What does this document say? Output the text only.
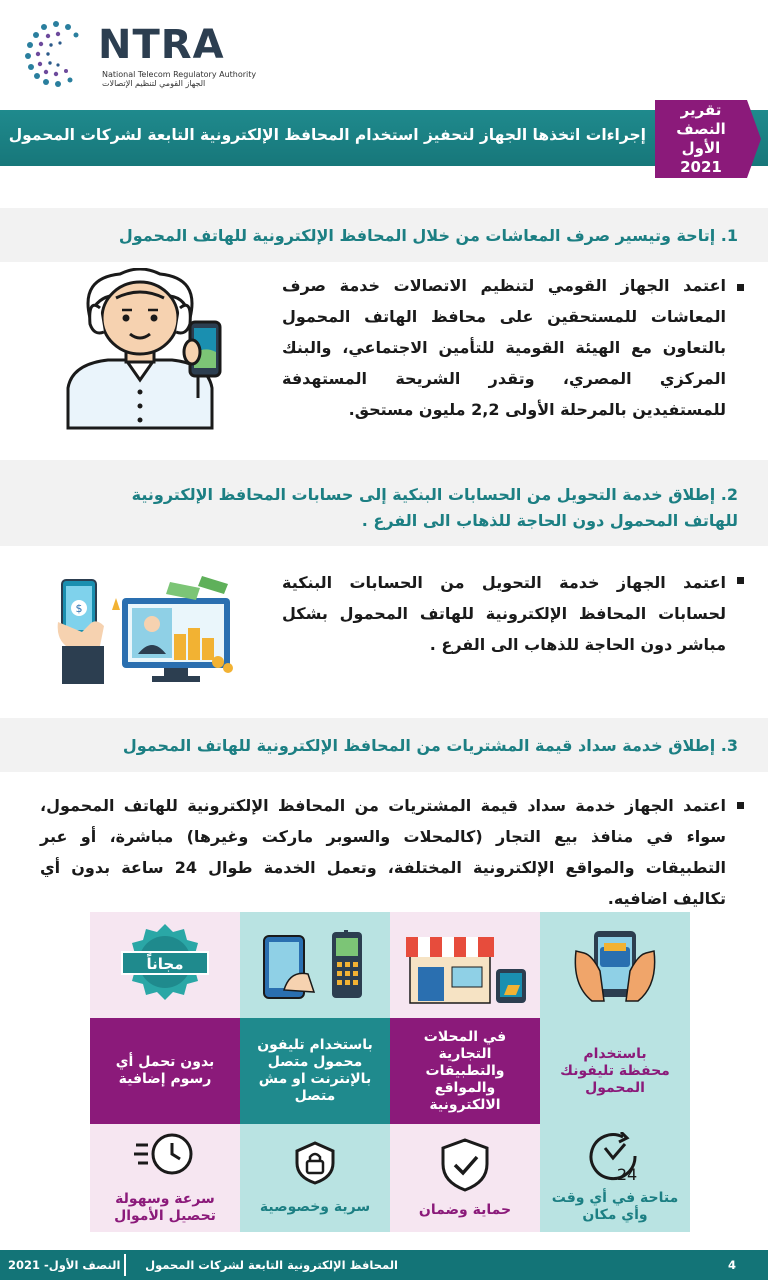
NTRA
National Telecom Regulatory Authority
الجهاز القومي لتنظيم الإتصالات
إجراءات اتخذها الجهاز لتحفيز استخدام المحافظ الإلكترونية التابعة لشركات المحمول
تقرير
النصف الأول
2021
1. إتاحة وتيسير صرف المعاشات من خلال المحافظ الإلكترونية للهاتف المحمول
اعتمد الجهاز القومي لتنظيم الاتصالات خدمة صرف المعاشات للمستحقين على محافظ الهاتف المحمول بالتعاون مع الهيئة القومية للتأمين الاجتماعي، والبنك المركزي المصري، وتقدر الشريحة المستهدفة للمستفيدين بالمرحلة الأولى 2,2 مليون مستحق.
2. إطلاق خدمة التحويل من الحسابات البنكية إلى حسابات المحافظ الإلكترونية
للهاتف المحمول دون الحاجة للذهاب الى الفرع .
اعتمد الجهاز خدمة التحويل من الحسابات البنكية لحسابات المحافظ الإلكترونية للهاتف المحمول بشكل مباشر دون الحاجة للذهاب الى الفرع .
$
3. إطلاق خدمة سداد قيمة المشتريات من المحافظ الإلكترونية للهاتف المحمول
اعتمد الجهاز خدمة سداد قيمة المشتريات من المحافظ الإلكترونية للهاتف المحمول، سواء في منافذ بيع التجار (كالمحلات والسوبر ماركت وغيرها) مباشرة، أو عبر التطبيقات والمواقع الإلكترونية المختلفة، وتعمل الخدمة طوال 24 ساعة بدون أي تكاليف اضافيه.
مجاناً
بدون تحمل أي رسوم إضافية
باستخدام تليفون محمول متصل بالإنترنت او مش متصل
في المحلات التجارية والتطبيقات والمواقع الالكترونية
باستخدام محفظة تليفونك المحمول
سرعة وسهولة تحصيل الأموال
سرية وخصوصية	حماية وضمان
24
متاحة في أي وقت وأي مكان
4
المحافظ الإلكترونية التابعة لشركات المحمول
النصف الأول- 2021
